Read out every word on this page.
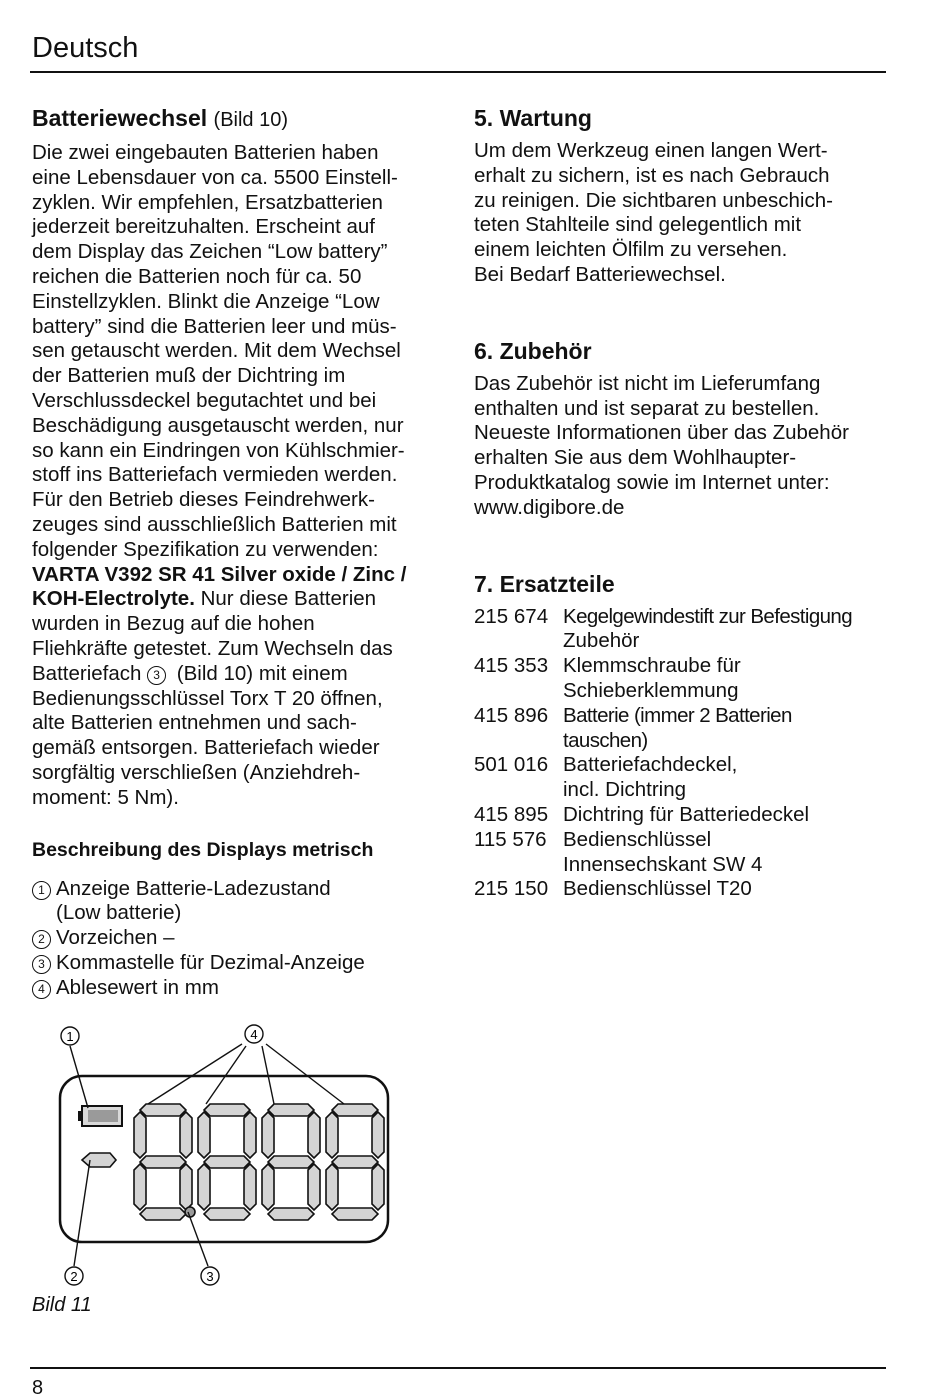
Deutsch
Batteriewechsel (Bild 10)

Die zwei eingebauten Batterien haben
eine Lebensdauer von ca. 5500 Einstell-
zyklen. Wir empfehlen, Ersatzbatterien
jederzeit bereitzuhalten. Erscheint auf
dem Display das Zeichen “Low battery”
reichen die Batterien noch für ca. 50
Einstellzyklen. Blinkt die Anzeige “Low
battery” sind die Batterien leer und müs-
sen getauscht werden. Mit dem Wechsel
der Batterien muß der Dichtring im
Verschlussdeckel begutachtet und bei
Beschädigung ausgetauscht werden, nur
so kann ein Eindringen von Kühlschmier-
stoff ins Batteriefach vermieden werden.
Für den Betrieb dieses Feindrehwerk-
zeuges sind ausschließlich Batterien mit
folgender Spezifikation zu verwenden:
VARTA V392 SR 41 Silver oxide / Zinc /
KOH-Electrolyte. Nur diese Batterien
wurden in Bezug auf die hohen
Fliehkräfte getestet. Zum Wechseln das
Batteriefach 3 (Bild 10) mit einem
Bedienungsschlüssel Torx T 20 öffnen,
alte Batterien entnehmen und sach-
gemäß entsorgen. Batteriefach wieder
sorgfältig verschließen (Anziehdreh-
moment: 5 Nm).

Beschreibung des Displays metrisch
1 Anzeige Batterie-Ladezustand
(Low batterie)
2 Vorzeichen –
3 Kommastelle für Dezimal-Anzeige
4 Ablesewert in mm
1	4
2	3
Bild 11
5. Wartung

Um dem Werkzeug einen langen Wert-
erhalt zu sichern, ist es nach Gebrauch
zu reinigen. Die sichtbaren unbeschich-
teten Stahlteile sind gelegentlich mit
einem leichten Ölfilm zu versehen.
Bei Bedarf Batteriewechsel.

6. Zubehör

Das Zubehör ist nicht im Lieferumfang
enthalten und ist separat zu bestellen.
Neueste Informationen über das Zubehör
erhalten Sie aus dem Wohlhaupter-
Produktkatalog sowie im Internet unter:
www.digibore.de

7. Ersatzteile
215 674 Kegelgewindestift zur Befestigung
Zubehör
415 353 Klemmschraube für
Schieberklemmung
415 896 Batterie (immer 2 Batterien
tauschen)
501 016 Batteriefachdeckel,
incl. Dichtring
415 895 Dichtring für Batteriedeckel
115 576 Bedienschlüssel
Innensechskant SW 4
215 150 Bedienschlüssel T20
8
